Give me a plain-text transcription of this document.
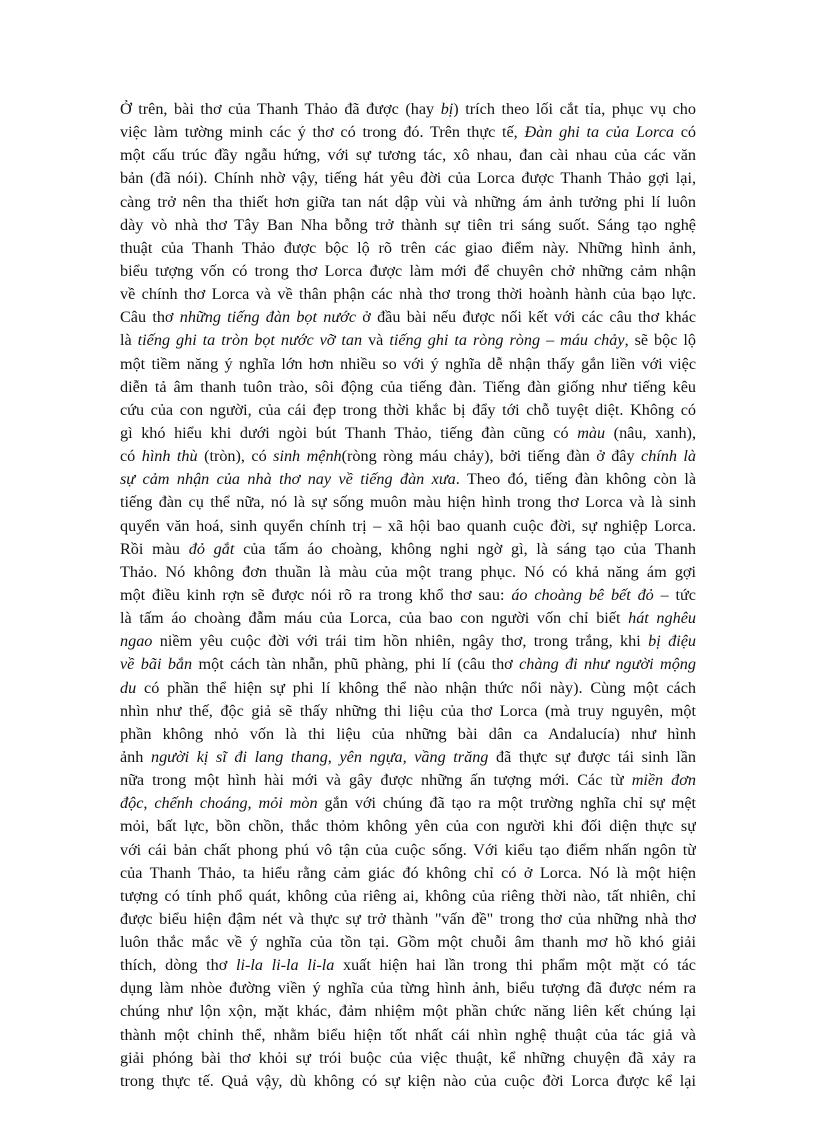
Ở trên, bài thơ của Thanh Thảo đã được (hay bị) trích theo lối cắt tỉa, phục vụ cho
việc làm tường minh các ý thơ có trong đó. Trên thực tế, Đàn ghi ta của Lorca có
một cấu trúc đầy ngẫu hứng, với sự tương tác, xô nhau, đan cài nhau của các văn
bản (đã nói). Chính nhờ vậy, tiếng hát yêu đời của Lorca được Thanh Thảo gợi lại,
càng trở nên tha thiết hơn giữa tan nát dập vùi và những ám ảnh tưởng phi lí luôn
dày vò nhà thơ Tây Ban Nha bỗng trở thành sự tiên tri sáng suốt. Sáng tạo nghệ
thuật của Thanh Thảo được bộc lộ rõ trên các giao điểm này. Những hình ảnh,
biểu tượng vốn có trong thơ Lorca được làm mới để chuyên chở những cảm nhận
về chính thơ Lorca và về thân phận các nhà thơ trong thời hoành hành của bạo lực.
Câu thơ những tiếng đàn bọt nước ở đầu bài nếu được nối kết với các câu thơ khác
là tiếng ghi ta tròn bọt nước vỡ tan và tiếng ghi ta ròng ròng – máu chảy, sẽ bộc lộ
một tiềm năng ý nghĩa lớn hơn nhiều so với ý nghĩa dễ nhận thấy gắn liền với việc
diễn tả âm thanh tuôn trào, sôi động của tiếng đàn. Tiếng đàn giống như tiếng kêu
cứu của con người, của cái đẹp trong thời khắc bị đẩy tới chỗ tuyệt diệt. Không có
gì khó hiểu khi dưới ngòi bút Thanh Thảo, tiếng đàn cũng có màu (nâu, xanh),
có hình thù (tròn), có sinh mệnh(ròng ròng máu chảy), bởi tiếng đàn ở đây chính là
sự cảm nhận của nhà thơ nay về tiếng đàn xưa. Theo đó, tiếng đàn không còn là
tiếng đàn cụ thể nữa, nó là sự sống muôn màu hiện hình trong thơ Lorca và là sinh
quyển văn hoá, sinh quyển chính trị – xã hội bao quanh cuộc đời, sự nghiệp Lorca.
Rồi màu đỏ gắt của tấm áo choàng, không nghi ngờ gì, là sáng tạo của Thanh
Thảo. Nó không đơn thuần là màu của một trang phục. Nó có khả năng ám gợi
một điều kinh rợn sẽ được nói rõ ra trong khổ thơ sau: áo choàng bê bết đỏ – tức
là tấm áo choàng đẫm máu của Lorca, của bao con người vốn chỉ biết hát nghêu
ngao niềm yêu cuộc đời với trái tim hồn nhiên, ngây thơ, trong trắng, khi bị điệu
về bãi bắn một cách tàn nhẫn, phũ phàng, phi lí (câu thơ chàng đi như người mộng
du có phần thể hiện sự phi lí không thể nào nhận thức nổi này). Cùng một cách
nhìn như thế, độc giả sẽ thấy những thi liệu của thơ Lorca (mà truy nguyên, một
phần không nhỏ vốn là thi liệu của những bài dân ca Andalucía) như hình
ảnh người kị sĩ đi lang thang, yên ngựa, vầng trăng đã thực sự được tái sinh lần
nữa trong một hình hài mới và gây được những ấn tượng mới. Các từ miền đơn
độc, chếnh choáng, mỏi mòn gắn với chúng đã tạo ra một trường nghĩa chỉ sự mệt
mỏi, bất lực, bồn chồn, thắc thỏm không yên của con người khi đối diện thực sự
với cái bản chất phong phú vô tận của cuộc sống. Với kiểu tạo điểm nhấn ngôn từ
của Thanh Thảo, ta hiểu rằng cảm giác đó không chỉ có ở Lorca. Nó là một hiện
tượng có tính phổ quát, không của riêng ai, không của riêng thời nào, tất nhiên, chỉ
được biểu hiện đậm nét và thực sự trở thành "vấn đề" trong thơ của những nhà thơ
luôn thắc mắc về ý nghĩa của tồn tại. Gồm một chuỗi âm thanh mơ hồ khó giải
thích, dòng thơ li-la li-la li-la xuất hiện hai lần trong thi phẩm một mặt có tác
dụng làm nhòe đường viền ý nghĩa của từng hình ảnh, biểu tượng đã được ném ra
chúng như lộn xộn, mặt khác, đảm nhiệm một phần chức năng liên kết chúng lại
thành một chỉnh thể, nhằm biểu hiện tốt nhất cái nhìn nghệ thuật của tác giả và
giải phóng bài thơ khỏi sự trói buộc của việc thuật, kể những chuyện đã xảy ra
trong thực tế. Quả vậy, dù không có sự kiện nào của cuộc đời Lorca được kể lại
